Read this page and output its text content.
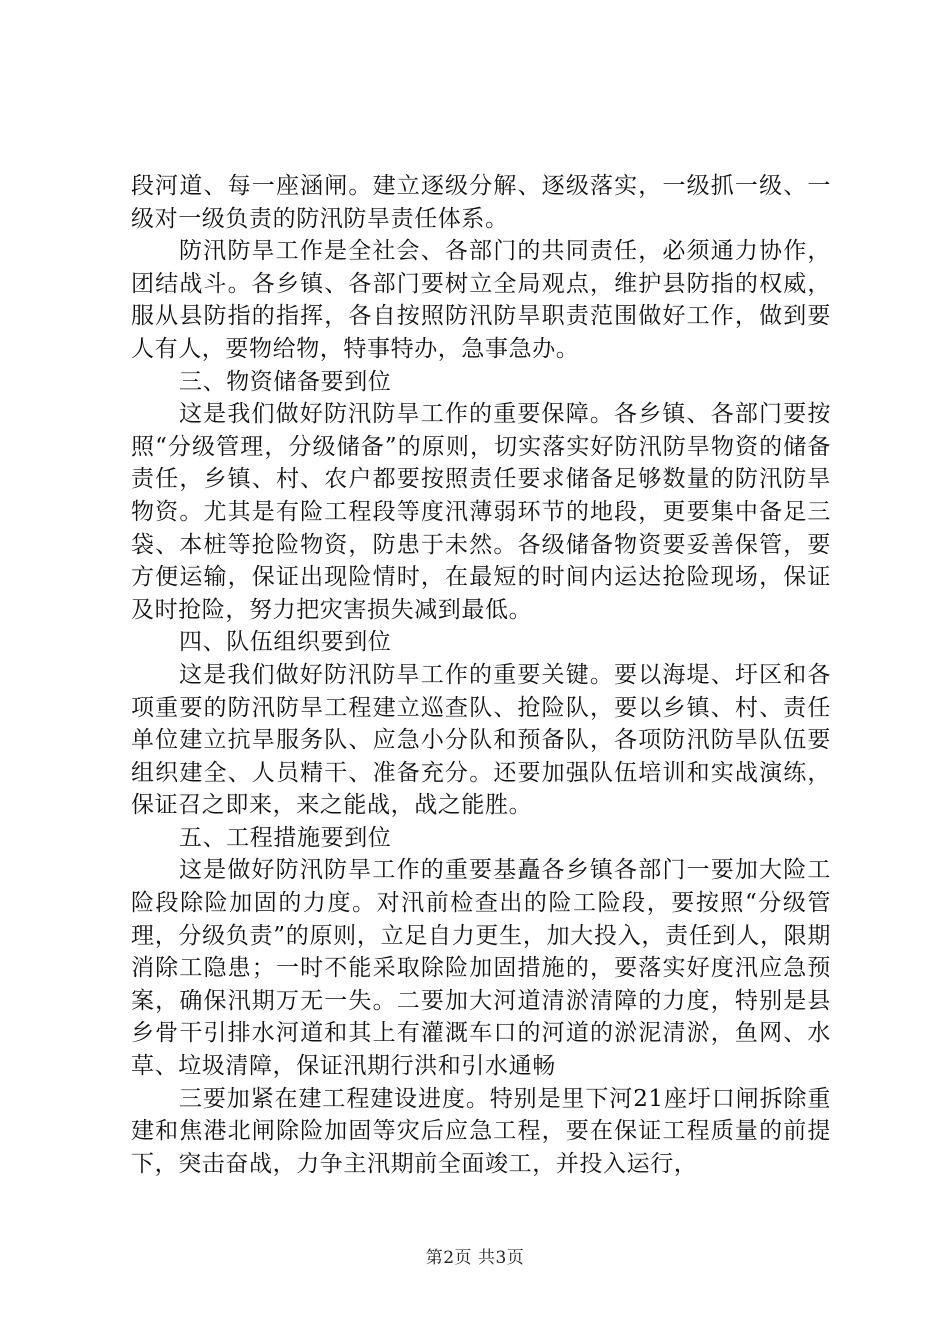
段河道、每一座涵闸。建立逐级分解、逐级落实，一级抓一级、一级对一级负责的防汛防旱责任体系。

防汛防旱工作是全社会、各部门的共同责任，必须通力协作，团结战斗。各乡镇、各部门要树立全局观点，维护县防指的权威，服从县防指的指挥，各自按照防汛防旱职责范围做好工作，做到要人有人，要物给物，特事特办，急事急办。

三、物资储备要到位

这是我们做好防汛防旱工作的重要保障。各乡镇、各部门要按照“分级管理，分级储备”的原则，切实落实好防汛防旱物资的储备责任，乡镇、村、农户都要按照责任要求储备足够数量的防汛防旱物资。尤其是有险工程段等度汛薄弱环节的地段，更要集中备足三袋、本桩等抢险物资，防患于未然。各级储备物资要妥善保管，要方便运输，保证出现险情时，在最短的时间内运达抢险现场，保证及时抢险，努力把灾害损失减到最低。

四、队伍组织要到位

这是我们做好防汛防旱工作的重要关键。要以海堤、圩区和各项重要的防汛防旱工程建立巡查队、抢险队，要以乡镇、村、责任单位建立抗旱服务队、应急小分队和预备队，各项防汛防旱队伍要组织建全、人员精干、准备充分。还要加强队伍培训和实战演练，保证召之即来，来之能战，战之能胜。

五、工程措施要到位

这是做好防汛防旱工作的重要基矗各乡镇各部门一要加大险工险段除险加固的力度。对汛前检查出的险工险段，要按照“分级管理，分级负责”的原则，立足自力更生，加大投入，责任到人，限期消除工隐患；一时不能采取除险加固措施的，要落实好度汛应急预案，确保汛期万无一失。二要加大河道清淤清障的力度，特别是县乡骨干引排水河道和其上有灌溉车口的河道的淤泥清淤，鱼网、水草、垃圾清障，保证汛期行洪和引水通畅

三要加紧在建工程建设进度。特别是里下河21座圩口闸拆除重建和焦港北闸除险加固等灾后应急工程，要在保证工程质量的前提下，突击奋战，力争主汛期前全面竣工，并投入运行，

第2页 共3页
